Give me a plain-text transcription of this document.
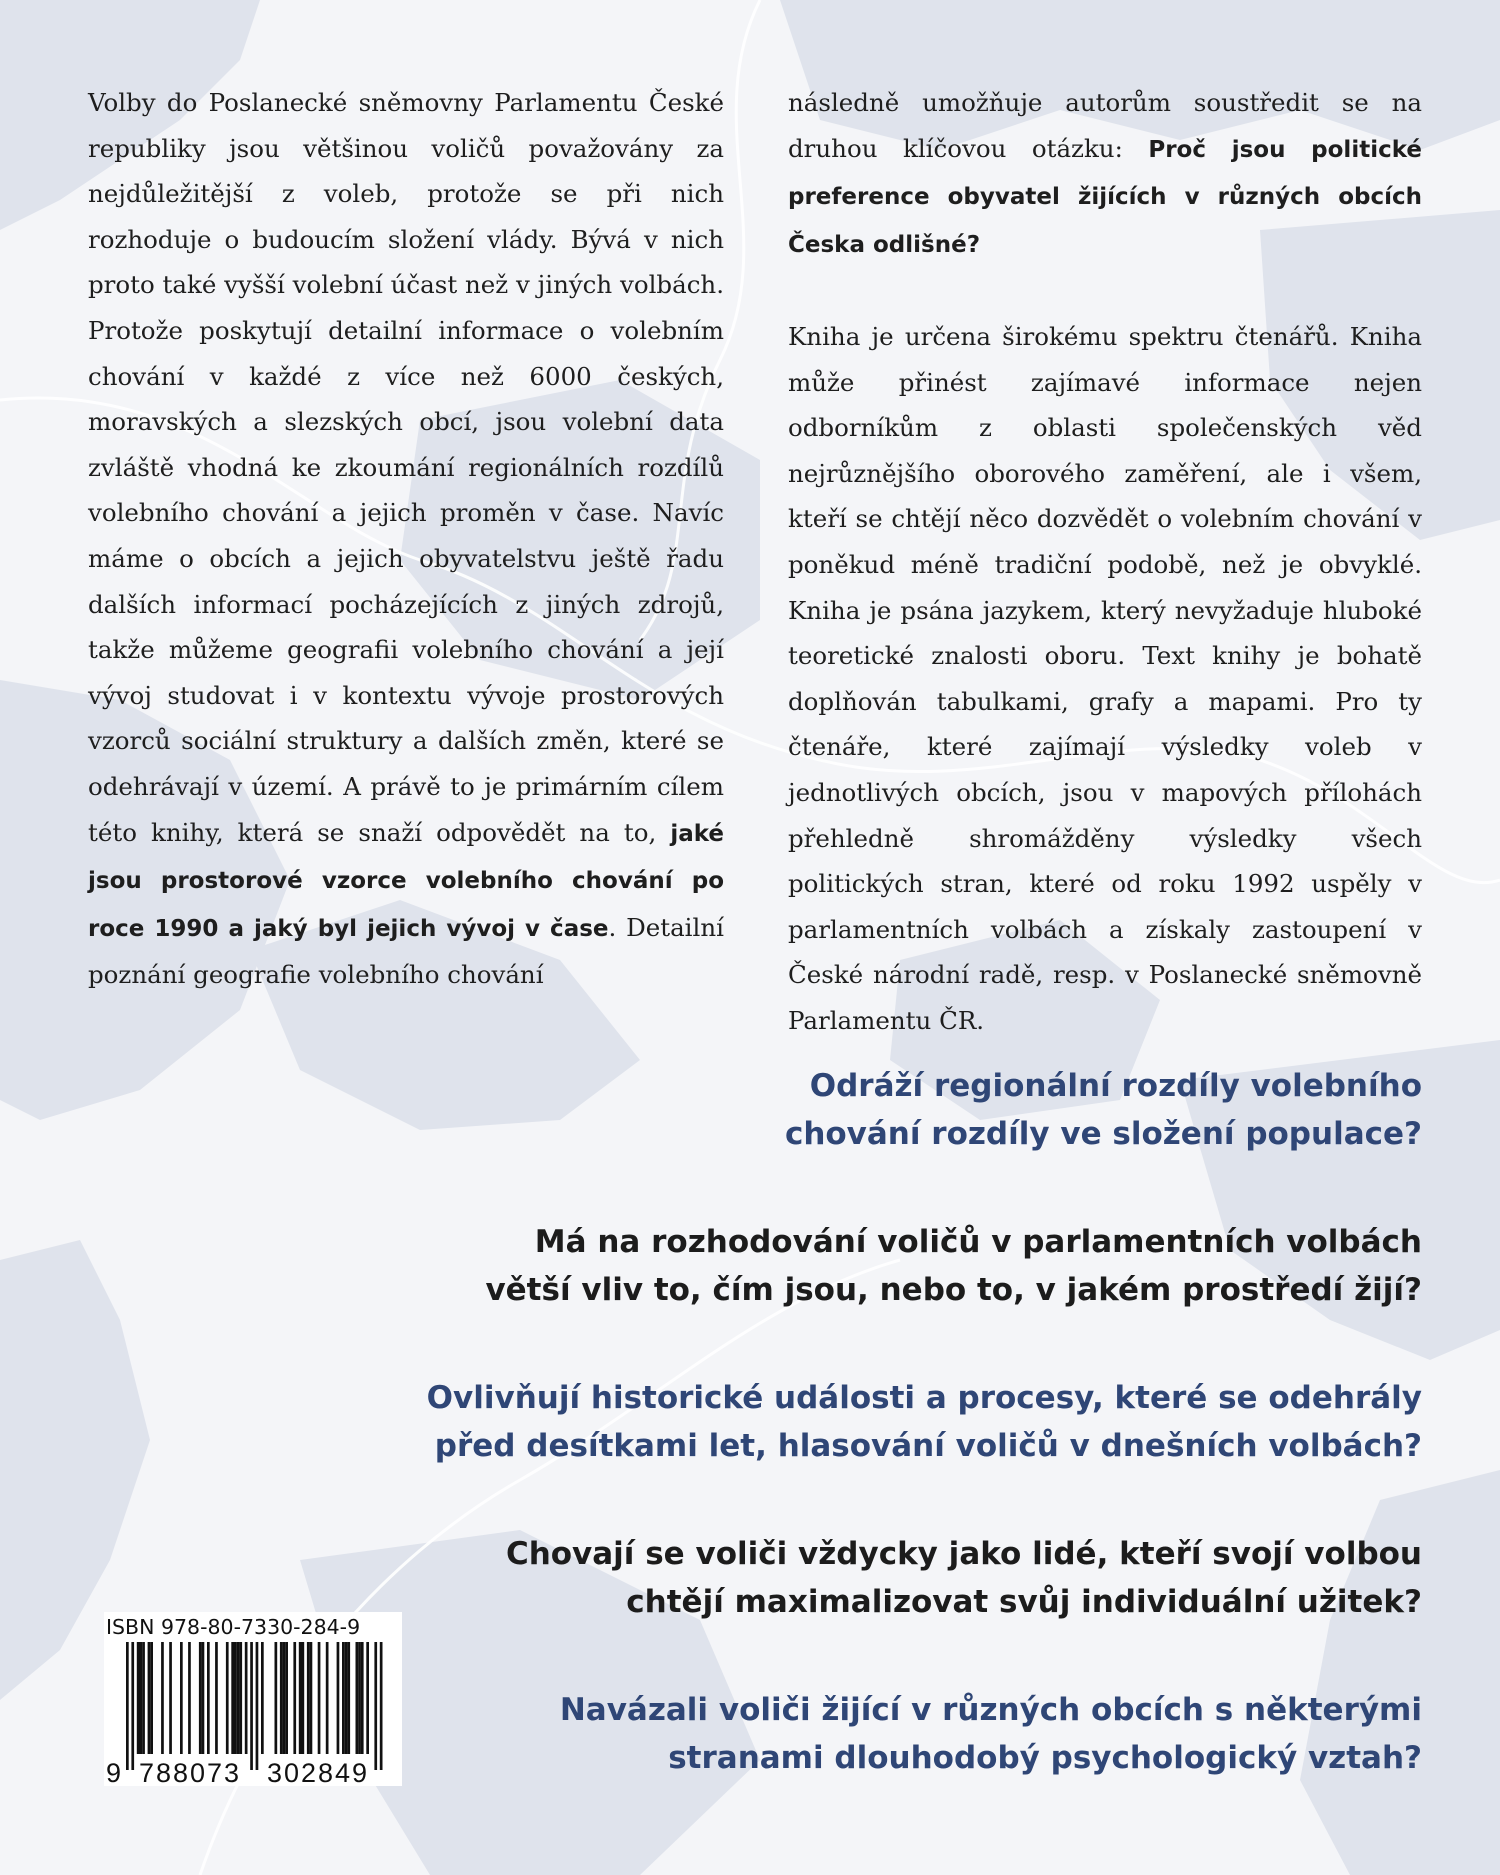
Volby do Poslanecké sněmovny Parlamentu České republiky jsou většinou voličů považovány za nejdůležitější z voleb, protože se při nich rozhoduje o budoucím složení vlády. Bývá v nich proto také vyšší volební účast než v jiných volbách. Protože poskytují detailní informace o volebním chování v každé z více než 6000 českých, moravských a slezských obcí, jsou volební data zvláště vhodná ke zkoumání regionálních rozdílů volebního chování a jejich proměn v čase. Navíc máme o obcích a jejich obyvatelstvu ještě řadu dalších informací pocházejících z jiných zdrojů, takže můžeme geografii volebního chování a její vývoj studovat i v kontextu vývoje prostorových vzorců sociální struktury a dalších změn, které se odehrávají v území. A právě to je primárním cílem této knihy, která se snaží odpovědět na to, jaké jsou prostorové vzorce volebního chování po roce 1990 a jaký byl jejich vývoj v čase. Detailní poznání geografie volebního chování

následně umožňuje autorům soustředit se na druhou klíčovou otázku: Proč jsou politické preference obyvatel žijících v různých obcích Česka odlišné?

Kniha je určena širokému spektru čtenářů. Kniha může přinést zajímavé informace nejen odborníkům z oblasti společenských věd nejrůznějšího oborového zaměření, ale i všem, kteří se chtějí něco dozvědět o volebním chování v poněkud méně tradiční podobě, než je obvyklé. Kniha je psána jazykem, který nevyžaduje hluboké teoretické znalosti oboru. Text knihy je bohatě doplňován tabulkami, grafy a mapami. Pro ty čtenáře, které zajímají výsledky voleb v jednotlivých obcích, jsou v mapových přílohách přehledně shromážděny výsledky všech politických stran, které od roku 1992 uspěly v parlamentních volbách a získaly zastoupení v České národní radě, resp. v Poslanecké sněmovně Parlamentu ČR.

Odráží regionální rozdíly volebního
chování rozdíly ve složení populace?

Má na rozhodování voličů v parlamentních volbách
větší vliv to, čím jsou, nebo to, v jakém prostředí žijí?

Ovlivňují historické události a procesy, které se odehrály
před desítkami let, hlasování voličů v dnešních volbách?

Chovají se voliči vždycky jako lidé, kteří svojí volbou
chtějí maximalizovat svůj individuální užitek?

Navázali voliči žijící v různých obcích s některými
stranami dlouhodobý psychologický vztah?

ISBN 978-80-7330-284-9
9 788073 302849
